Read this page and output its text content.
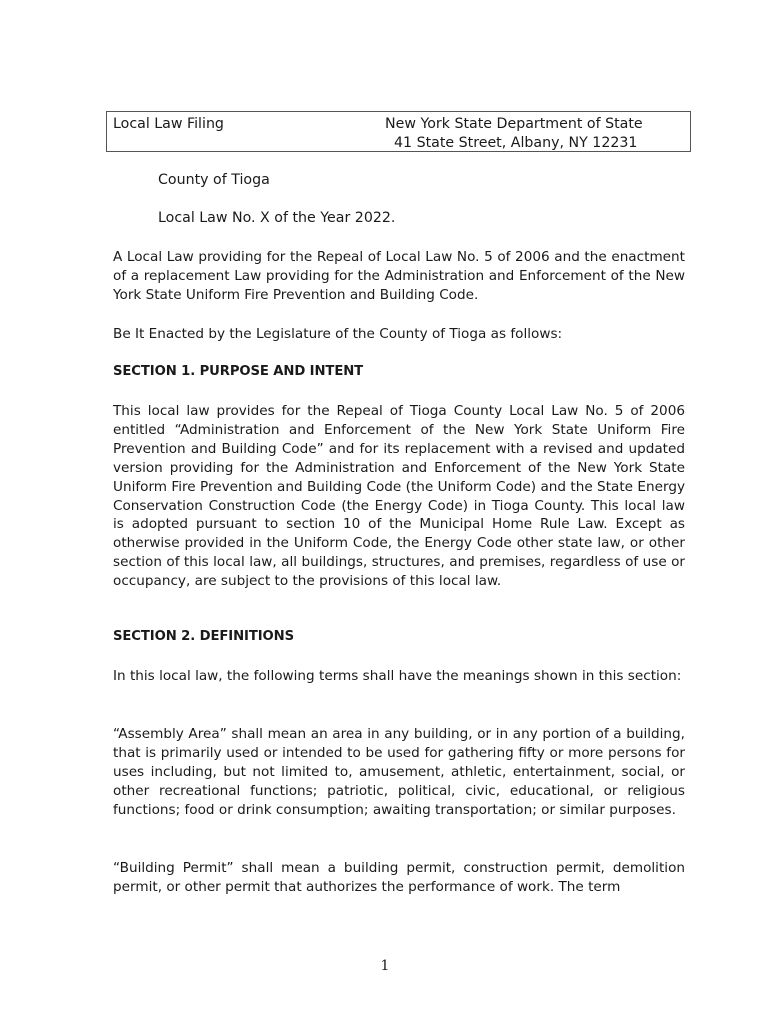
Local Law Filing	New York State Department of State
41 State Street, Albany, NY 12231
County of Tioga
Local Law No. X of the Year 2022.

A Local Law providing for the Repeal of Local Law No. 5 of 2006 and the enactment of a replacement Law providing for the Administration and Enforcement of the New York State Uniform Fire Prevention and Building Code.

Be It Enacted by the Legislature of the County of Tioga as follows:

SECTION 1. PURPOSE AND INTENT

This local law provides for the Repeal of Tioga County Local Law No. 5 of 2006 entitled “Administration and Enforcement of the New York State Uniform Fire Prevention and Building Code” and for its replacement with a revised and updated version providing for the Administration and Enforcement of the New York State Uniform Fire Prevention and Building Code (the Uniform Code) and the State Energy Conservation Construction Code (the Energy Code) in Tioga County. This local law is adopted pursuant to section 10 of the Municipal Home Rule Law. Except as otherwise provided in the Uniform Code, the Energy Code other state law, or other section of this local law, all buildings, structures, and premises, regardless of use or occupancy, are subject to the provisions of this local law.

SECTION 2. DEFINITIONS

In this local law, the following terms shall have the meanings shown in this section:

“Assembly Area” shall mean an area in any building, or in any portion of a building, that is primarily used or intended to be used for gathering fifty or more persons for uses including, but not limited to, amusement, athletic, entertainment, social, or other recreational functions; patriotic, political, civic, educational, or religious functions; food or drink consumption; awaiting transportation; or similar purposes.

“Building Permit” shall mean a building permit, construction permit, demolition permit, or other permit that authorizes the performance of work. The term

1
